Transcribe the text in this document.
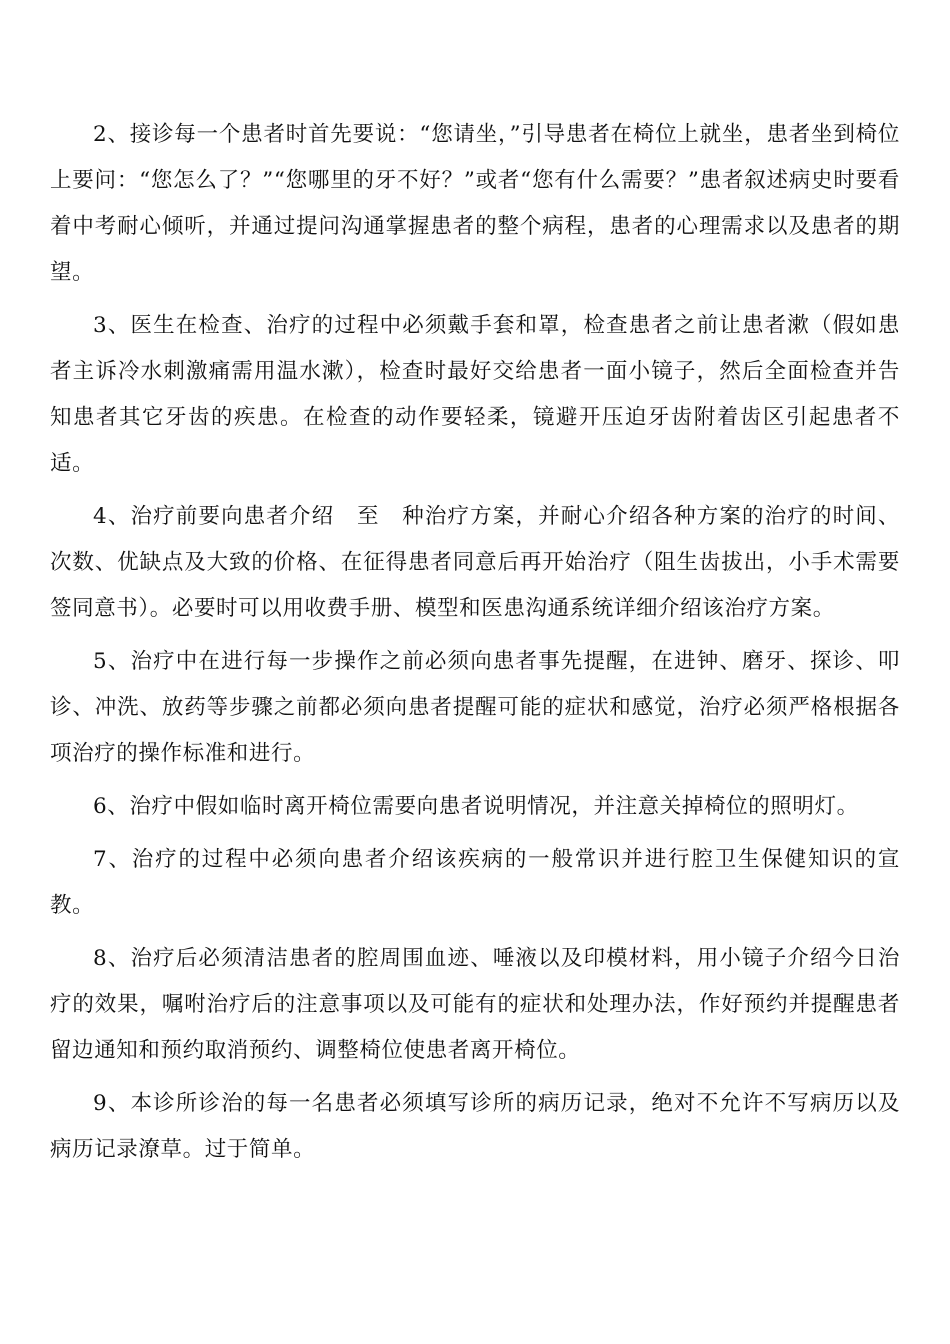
2、接诊每一个患者时首先要说：“您请坐，”引导患者在椅位上就坐，患者坐到椅位上要问：“您怎么了？”“您哪里的牙不好？”或者“您有什么需要？”患者叙述病史时要看着中考耐心倾听，并通过提问沟通掌握患者的整个病程，患者的心理需求以及患者的期望。

3、医生在检查、治疗的过程中必须戴手套和罩，检查患者之前让患者漱（假如患者主诉冷水刺激痛需用温水漱），检查时最好交给患者一面小镜子，然后全面检查并告知患者其它牙齿的疾患。在检查的动作要轻柔，镜避开压迫牙齿附着齿区引起患者不适。

4、治疗前要向患者介绍　至　种治疗方案，并耐心介绍各种方案的治疗的时间、次数、优缺点及大致的价格、在征得患者同意后再开始治疗（阻生齿拔出，小手术需要签同意书）。必要时可以用收费手册、模型和医患沟通系统详细介绍该治疗方案。

5、治疗中在进行每一步操作之前必须向患者事先提醒，在进钟、磨牙、探诊、叩诊、冲洗、放药等步骤之前都必须向患者提醒可能的症状和感觉，治疗必须严格根据各项治疗的操作标准和进行。

6、治疗中假如临时离开椅位需要向患者说明情况，并注意关掉椅位的照明灯。

7、治疗的过程中必须向患者介绍该疾病的一般常识并进行腔卫生保健知识的宣教。

8、治疗后必须清洁患者的腔周围血迹、唾液以及印模材料，用小镜子介绍今日治疗的效果，嘱咐治疗后的注意事项以及可能有的症状和处理办法，作好预约并提醒患者留边通知和预约取消预约、调整椅位使患者离开椅位。

9、本诊所诊治的每一名患者必须填写诊所的病历记录，绝对不允许不写病历以及病历记录潦草。过于简单。
